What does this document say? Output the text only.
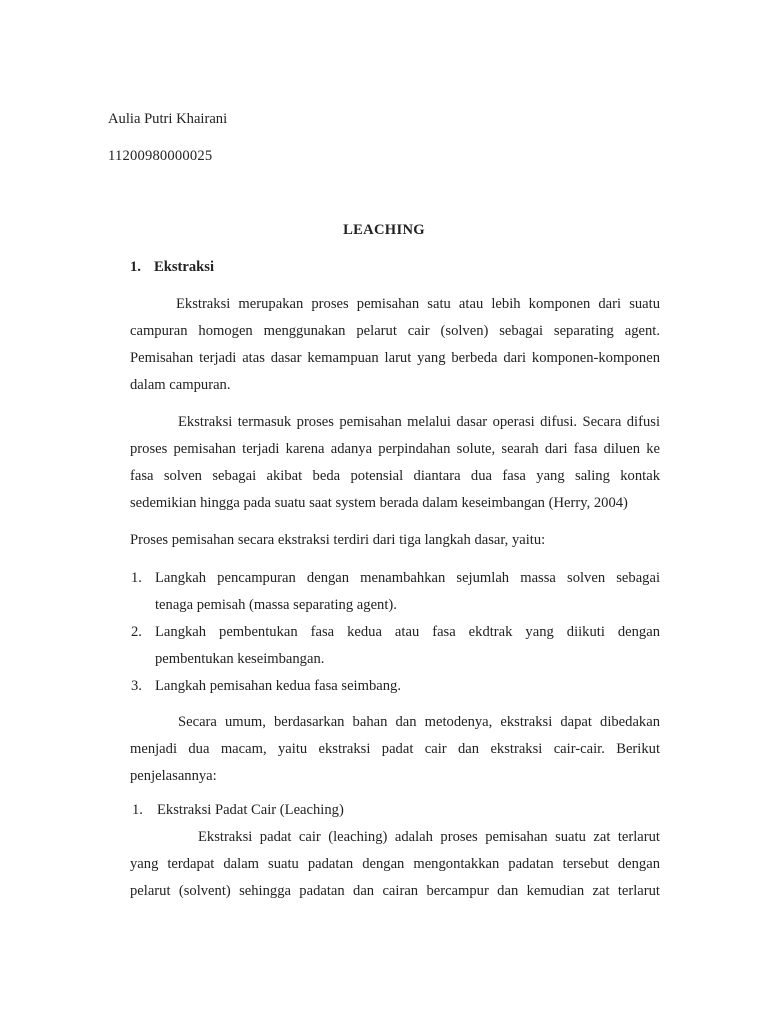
Aulia Putri Khairani
11200980000025
LEACHING
1. Ekstraksi
Ekstraksi merupakan proses pemisahan satu atau lebih komponen dari suatu
campuran homogen menggunakan pelarut cair (solven) sebagai separating agent.
Pemisahan terjadi atas dasar kemampuan larut yang berbeda dari komponen-komponen
dalam campuran.
Ekstraksi termasuk proses pemisahan melalui dasar operasi difusi. Secara difusi
proses pemisahan terjadi karena adanya perpindahan solute, searah dari fasa diluen ke
fasa solven sebagai akibat beda potensial diantara dua fasa yang saling kontak
sedemikian hingga pada suatu saat system berada dalam keseimbangan (Herry, 2004)
Proses pemisahan secara ekstraksi terdiri dari tiga langkah dasar, yaitu:
1. Langkah pencampuran dengan menambahkan sejumlah massa solven sebagai
tenaga pemisah (massa separating agent).
2. Langkah pembentukan fasa kedua atau fasa ekdtrak yang diikuti dengan
pembentukan keseimbangan.
3. Langkah pemisahan kedua fasa seimbang.
Secara umum, berdasarkan bahan dan metodenya, ekstraksi dapat dibedakan
menjadi dua macam, yaitu ekstraksi padat cair dan ekstraksi cair-cair. Berikut
penjelasannya:
1. Ekstraksi Padat Cair (Leaching)
Ekstraksi padat cair (leaching) adalah proses pemisahan suatu zat terlarut
yang terdapat dalam suatu padatan dengan mengontakkan padatan tersebut dengan
pelarut (solvent) sehingga padatan dan cairan bercampur dan kemudian zat terlarut
